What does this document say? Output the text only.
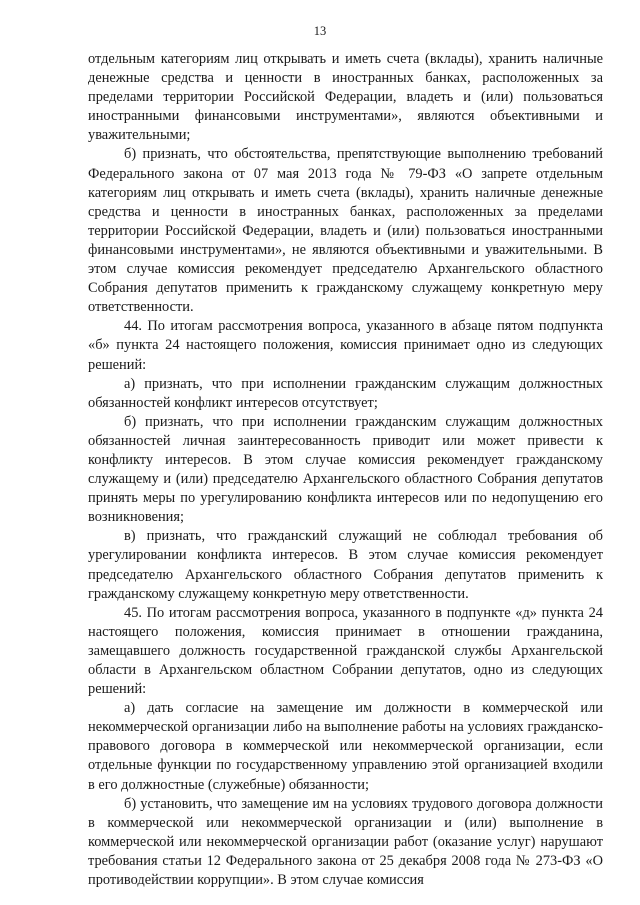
13

отдельным категориям лиц открывать и иметь счета (вклады), хранить наличные денежные средства и ценности в иностранных банках, расположенных за пределами территории Российской Федерации, владеть и (или) пользоваться иностранными финансовыми инструментами», являются объективными и уважительными;

б) признать, что обстоятельства, препятствующие выполнению требований Федерального закона от 07 мая 2013 года № 79-ФЗ «О запрете отдельным категориям лиц открывать и иметь счета (вклады), хранить наличные денежные средства и ценности в иностранных банках, расположенных за пределами территории Российской Федерации, владеть и (или) пользоваться иностранными финансовыми инструментами», не являются объективными и уважительными. В этом случае комиссия рекомендует председателю Архангельского областного Собрания депутатов применить к гражданскому служащему конкретную меру ответственности.

44. По итогам рассмотрения вопроса, указанного в абзаце пятом подпункта «б» пункта 24 настоящего положения, комиссия принимает одно из следующих решений:

а) признать, что при исполнении гражданским служащим должностных обязанностей конфликт интересов отсутствует;

б) признать, что при исполнении гражданским служащим должностных обязанностей личная заинтересованность приводит или может привести к конфликту интересов. В этом случае комиссия рекомендует гражданскому служащему и (или) председателю Архангельского областного Собрания депутатов принять меры по урегулированию конфликта интересов или по недопущению его возникновения;

в) признать, что гражданский служащий не соблюдал требования об урегулировании конфликта интересов. В этом случае комиссия рекомендует председателю Архангельского областного Собрания депутатов применить к гражданскому служащему конкретную меру ответственности.

45. По итогам рассмотрения вопроса, указанного в подпункте «д» пункта 24 настоящего положения, комиссия принимает в отношении гражданина, замещавшего должность государственной гражданской службы Архангельской области в Архангельском областном Собрании депутатов, одно из следующих решений:

а) дать согласие на замещение им должности в коммерческой или некоммерческой организации либо на выполнение работы на условиях гражданско-правового договора в коммерческой или некоммерческой организации, если отдельные функции по государственному управлению этой организацией входили в его должностные (служебные) обязанности;

б) установить, что замещение им на условиях трудового договора должности в коммерческой или некоммерческой организации и (или) выполнение в коммерческой или некоммерческой организации работ (оказание услуг) нарушают требования статьи 12 Федерального закона от 25 декабря 2008 года № 273-ФЗ «О противодействии коррупции». В этом случае комиссия
